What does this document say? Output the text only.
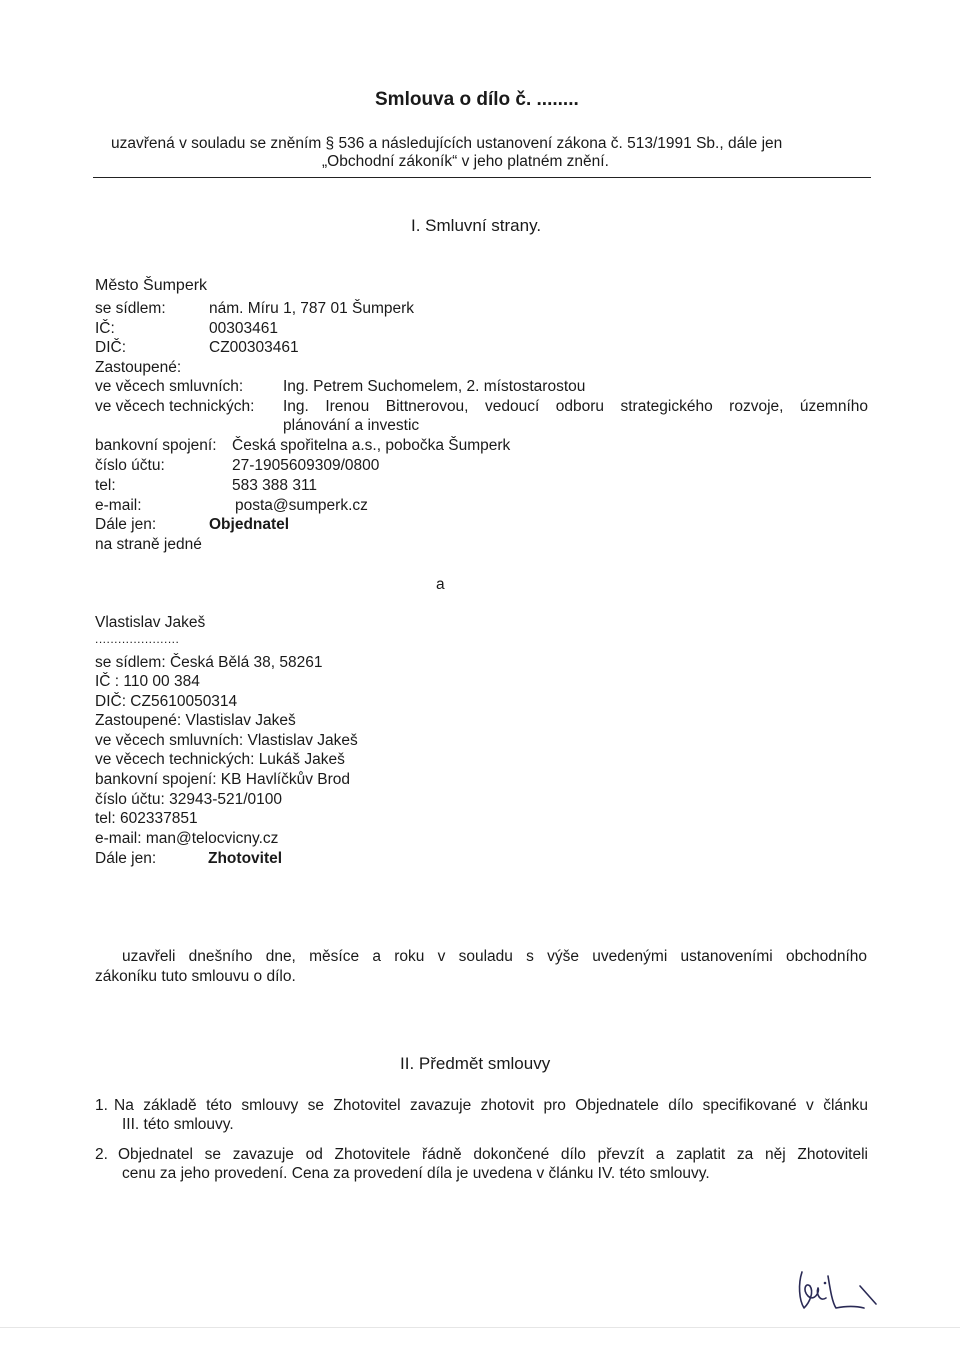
Smlouva o dílo č. ........
uzavřená v souladu se zněním § 536 a následujících ustanovení zákona č. 513/1991 Sb., dále jen
„Obchodní zákoník“ v jeho platném znění.
I. Smluvní strany.
Město Šumperk
se sídlem:	nám. Míru 1, 787 01 Šumperk
IČ:	00303461
DIČ:	CZ00303461
Zastoupené:
ve věcech smluvních:	Ing. Petrem Suchomelem, 2. místostarostou
ve věcech technických: Ing. Irenou Bittnerovou, vedoucí odboru strategického rozvoje, územního
plánování a investic
bankovní spojení: Česká spořitelna a.s., pobočka Šumperk
číslo účtu:	27-1905609309/0800
tel:	583 388 311
e-mail:	posta@sumperk.cz
Dále jen:	Objednatel
na straně jedné
a
Vlastislav Jakeš
......................
se sídlem: Česká Bělá 38, 58261
IČ : 110 00 384
DIČ: CZ5610050314
Zastoupené: Vlastislav Jakeš
ve věcech smluvních: Vlastislav Jakeš
ve věcech technických: Lukáš Jakeš
bankovní spojení: KB Havlíčkův Brod
číslo účtu: 32943-521/0100
tel: 602337851
e-mail: man@telocvicny.cz
Dále jen:	Zhotovitel
uzavřeli dnešního dne, měsíce a roku v souladu s výše uvedenými ustanoveními obchodního
zákoníku tuto smlouvu o dílo.
II. Předmět smlouvy
1. Na základě této smlouvy se Zhotovitel zavazuje zhotovit pro Objednatele dílo specifikované v článku
III. této smlouvy.
2. Objednatel se zavazuje od Zhotovitele řádně dokončené dílo převzít a zaplatit za něj Zhotoviteli
cenu za jeho provedení. Cena za provedení díla je uvedena v článku IV. této smlouvy.
